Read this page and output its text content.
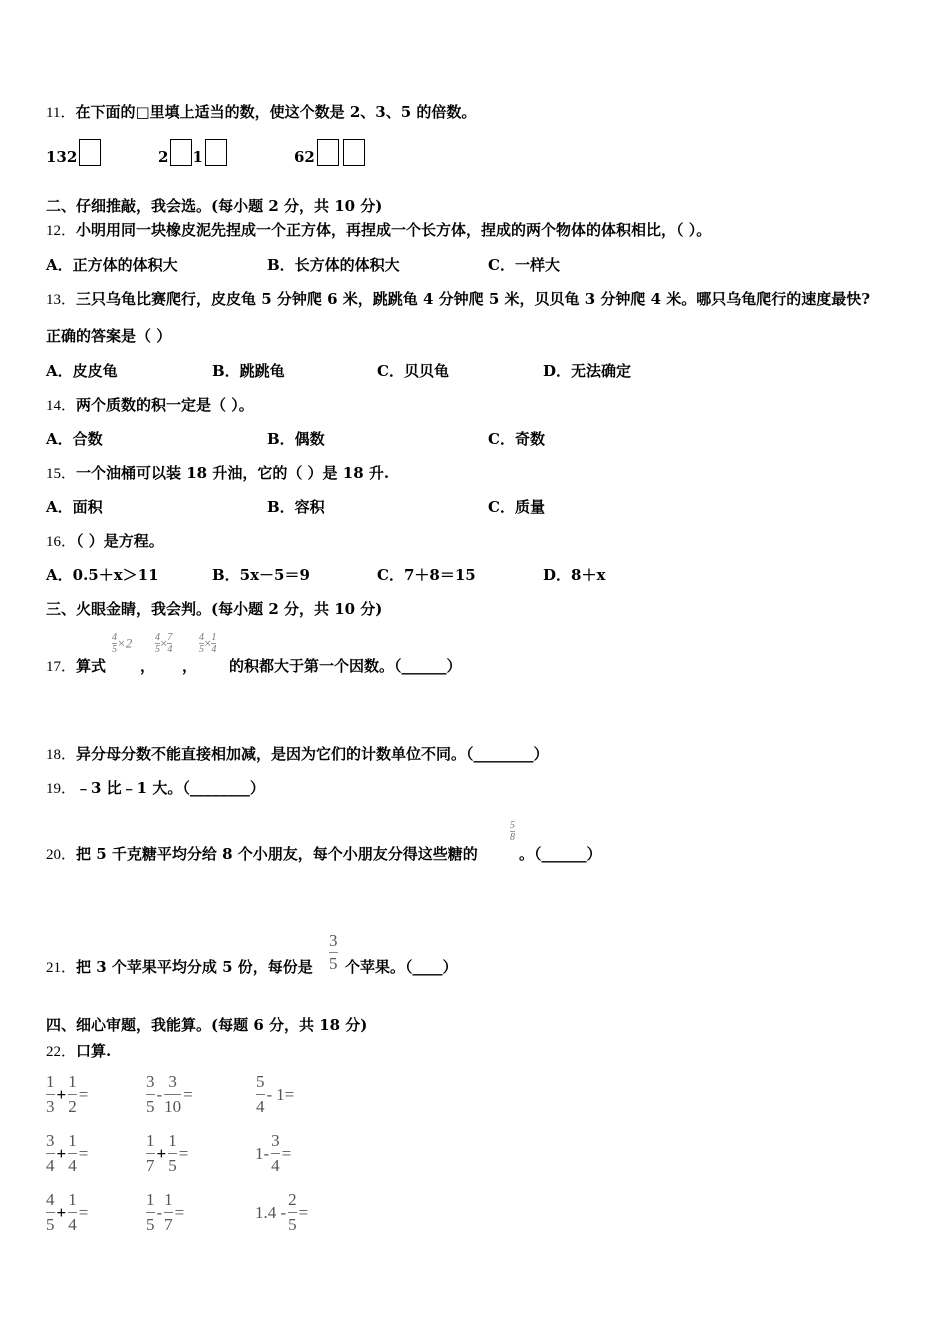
11．在下面的□里填上适当的数，使这个数是 2、3、5 的倍数。
132	2 1	62
二、仔细推敲，我会选。(每小题 2 分，共 10 分)
12．小明用同一块橡皮泥先捏成一个正方体，再捏成一个长方体，捏成的两个物体的体积相比，（ ）。
A．正方体的体积大	B．长方体的体积大	C．一样大
13．三只乌龟比赛爬行，皮皮龟 5 分钟爬 6 米，跳跳龟 4 分钟爬 5 米，贝贝龟 3 分钟爬 4 米。哪只乌龟爬行的速度最快?
正确的答案是（ ）
A．皮皮龟	B．跳跳龟	C．贝贝龟	D．无法确定
14．两个质数的积一定是（ ）。
A．合数	B．偶数	C．奇数
15．一个油桶可以装 18 升油，它的（ ）是 18 升.
A．面积	B．容积	C．质量
16．（ ）是方程。
A．0.5＋x＞11	B．5x－5＝9	C．7＋8＝15	D．8＋x
三、火眼金睛，我会判。(每小题 2 分，共 10 分)
17．算式
$\frac{4}{5} \times 2$
，
$\frac{4}{5} \times \frac{7}{4}$
，
$\frac{4}{5} \times \frac{1}{4}$
的积都大于第一个因数。（______）
18．异分母分数不能直接相加减，是因为它们的计数单位不同。（________）
19．﹣3 比﹣1 大。（________）
20．把 5 千克糖平均分给 8 个小朋友，每个小朋友分得这些糖的
$\frac{5}{8}$
。（______）
21．把 3 个苹果平均分成 5 份，每份是 $\frac{3}{5}$ 个苹果。（____）
四、细心审题，我能算。(每题 6 分，共 18 分)
22．口算.
$\frac{1}{3} + \frac{1}{2}$ =	$\frac{3}{5} - \frac{3}{10}$ =	$\frac{5}{4} - 1=$
$\frac{3}{4} + \frac{1}{4}$ =	$\frac{1}{7} + \frac{1}{5}$ =	$1- \frac{3}{4}$ =
$\frac{4}{5} + \frac{1}{4}$ =	$\frac{1}{5} - \frac{1}{7}$ =	$1.4 - \frac{2}{5}$ =
